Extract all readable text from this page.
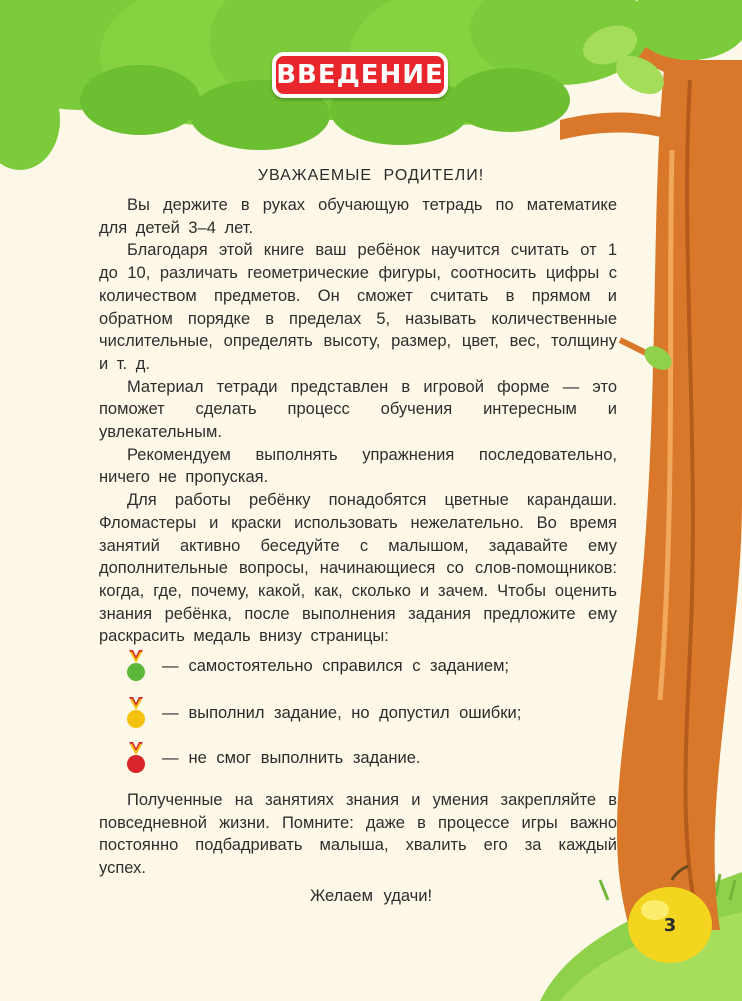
ВВЕДЕНИЕ
УВАЖАЕМЫЕ РОДИТЕЛИ!

Вы держите в руках обучающую тетрадь по математике для детей 3–4 лет.

Благодаря этой книге ваш ребёнок научится считать от 1 до 10, различать геометрические фигуры, соотносить цифры с количеством предметов. Он сможет считать в прямом и обратном порядке в пределах 5, называть количественные числительные, определять высоту, размер, цвет, вес, толщину и т. д.

Материал тетради представлен в игровой форме — это поможет сделать процесс обучения интересным и увлекательным.

Рекомендуем выполнять упражнения последовательно, ничего не пропуская.

Для работы ребёнку понадобятся цветные карандаши. Фломастеры и краски использовать нежелательно. Во время занятий активно беседуйте с малышом, задавайте ему дополнительные вопросы, начинающиеся со слов-помощников: когда, где, почему, какой, как, сколько и зачем. Чтобы оценить знания ребёнка, после выполнения задания предложите ему раскрасить медаль внизу страницы:

— самостоятельно справился с заданием;
— выполнил задание, но допустил ошибки;
— не смог выполнить задание.

Полученные на занятиях знания и умения закрепляйте в повседневной жизни. Помните: даже в процессе игры важно постоянно подбадривать малыша, хвалить его за каждый успех.

Желаем удачи!
3
